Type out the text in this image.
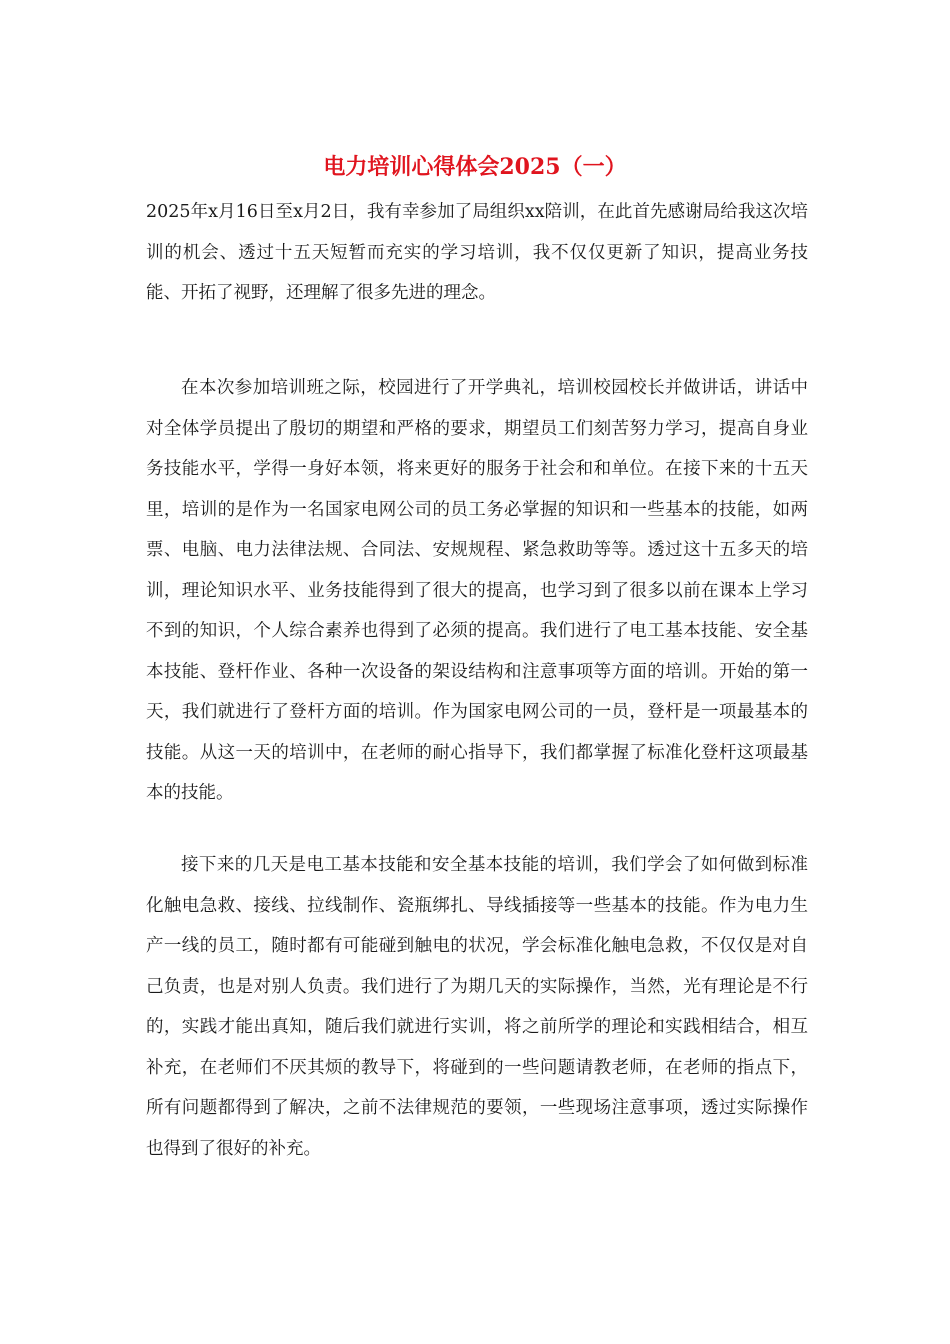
电力培训心得体会2025（一）

2025年x月16日至x月2日，我有幸参加了局组织xx陪训，在此首先感谢局给我这次培训的机会、透过十五天短暂而充实的学习培训，我不仅仅更新了知识，提高业务技能、开拓了视野，还理解了很多先进的理念。

在本次参加培训班之际，校园进行了开学典礼，培训校园校长并做讲话，讲话中对全体学员提出了殷切的期望和严格的要求，期望员工们刻苦努力学习，提高自身业务技能水平，学得一身好本领，将来更好的服务于社会和和单位。在接下来的十五天里，培训的是作为一名国家电网公司的员工务必掌握的知识和一些基本的技能，如两票、电脑、电力法律法规、合同法、安规规程、紧急救助等等。透过这十五多天的培训，理论知识水平、业务技能得到了很大的提高，也学习到了很多以前在课本上学习不到的知识，个人综合素养也得到了必须的提高。我们进行了电工基本技能、安全基本技能、登杆作业、各种一次设备的架设结构和注意事项等方面的培训。开始的第一天，我们就进行了登杆方面的培训。作为国家电网公司的一员，登杆是一项最基本的技能。从这一天的培训中，在老师的耐心指导下，我们都掌握了标准化登杆这项最基本的技能。

接下来的几天是电工基本技能和安全基本技能的培训，我们学会了如何做到标准化触电急救、接线、拉线制作、瓷瓶绑扎、导线插接等一些基本的技能。作为电力生产一线的员工，随时都有可能碰到触电的状况，学会标准化触电急救，不仅仅是对自己负责，也是对别人负责。我们进行了为期几天的实际操作，当然，光有理论是不行的，实践才能出真知，随后我们就进行实训，将之前所学的理论和实践相结合，相互补充，在老师们不厌其烦的教导下，将碰到的一些问题请教老师，在老师的指点下，所有问题都得到了解决，之前不法律规范的要领，一些现场注意事项，透过实际操作也得到了很好的补充。
